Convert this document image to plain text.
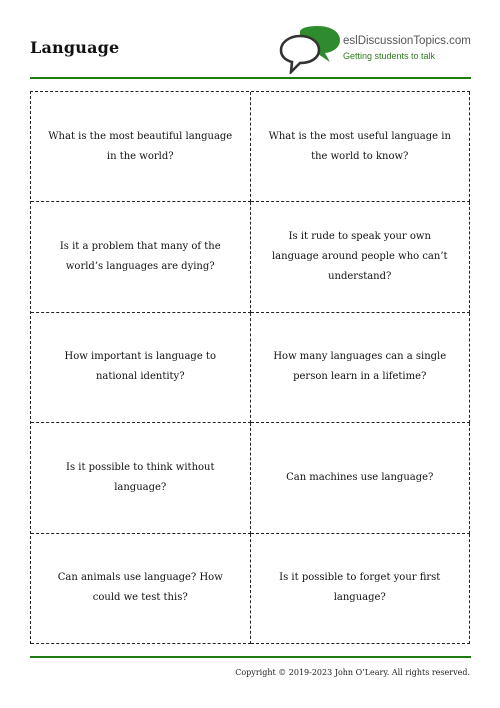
Language	eslDiscussionTopics.com
Getting students to talk
What is the most beautiful language in the world?
What is the most useful language in the world to know?
Is it a problem that many of the world’s languages are dying?
Is it rude to speak your own language around people who can’t understand?
How important is language to national identity?
How many languages can a single person learn in a lifetime?
Is it possible to think without language?
Can machines use language?
Can animals use language? How could we test this?
Is it possible to forget your first language?
Copyright © 2019-2023 John O’Leary. All rights reserved.
